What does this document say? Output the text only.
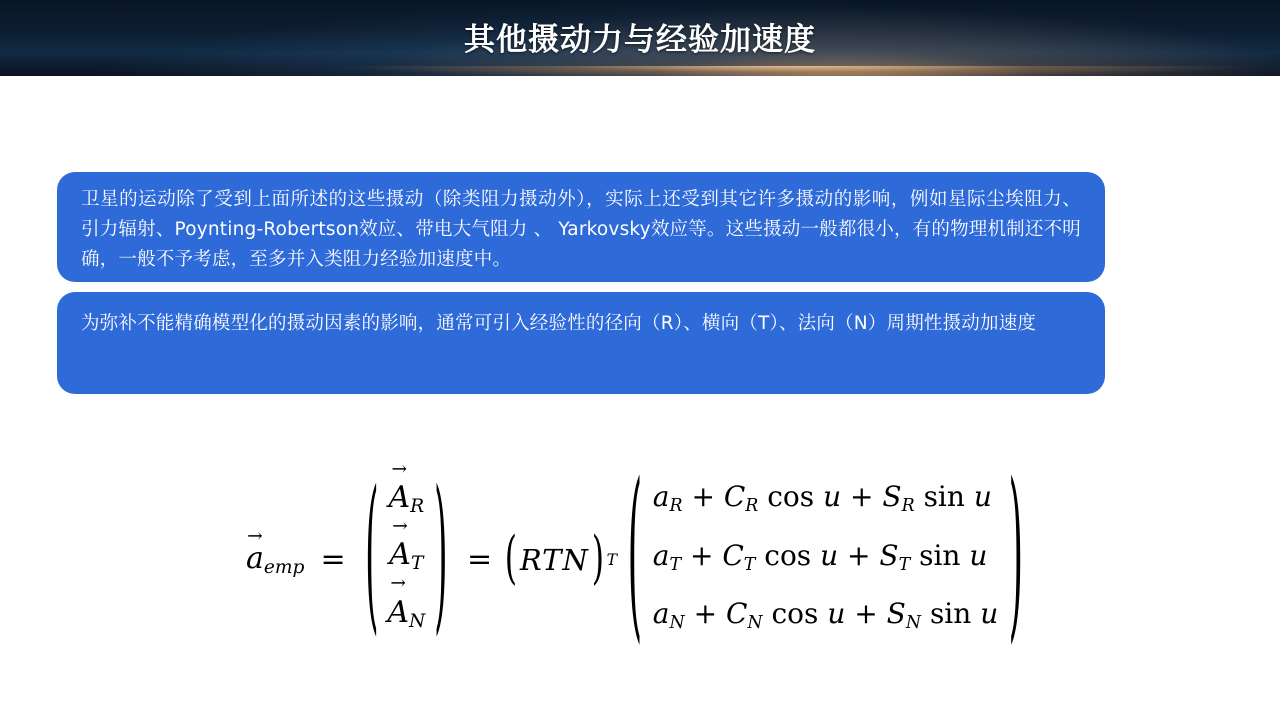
其他摄动力与经验加速度

卫星的运动除了受到上面所述的这些摄动（除类阻力摄动外），实际上还受到其它许多摄动的影响，例如星际尘埃阻力、引力辐射、Poynting-Robertson效应、带电大气阻力 、 Yarkovsky效应等。这些摄动一般都很小，有的物理机制还不明确，一般不予考虑，至多并入类阻力经验加速度中。

为弥补不能精确模型化的摄动因素的影响，通常可引入经验性的径向（R）、横向（T）、法向（N）周期性摄动加速度

→ $a_{emp}$ = ( → $A_R$
→ $A_T$
→ $A_N$ ) = ( RTN ) T ( $a_R + C_R$ $\cos u + S_R$ sin u
$a_T + C_T$ $\cos u + S_T$ sin u
$a_N + C_N$ $\cos u + S_N$ sin u )
